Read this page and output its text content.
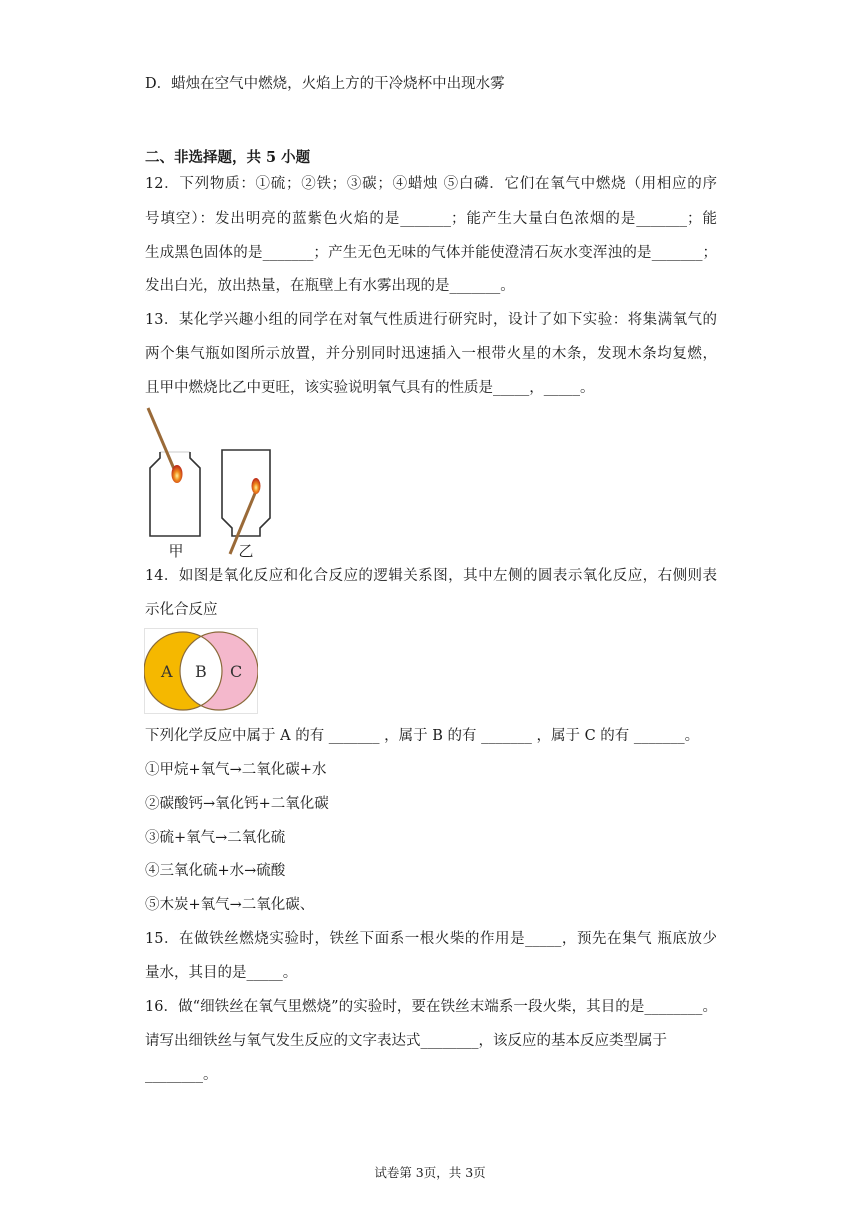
D．蜡烛在空气中燃烧，火焰上方的干冷烧杯中出现水雾
二、非选择题，共 5 小题
12．下列物质：①硫；②铁；③碳；④蜡烛 ⑤白磷．它们在氧气中燃烧（用相应的序
号填空）：发出明亮的蓝紫色火焰的是_______；能产生大量白色浓烟的是_______；能
生成黑色固体的是_______；产生无色无味的气体并能使澄清石灰水变浑浊的是_______；
发出白光，放出热量，在瓶壁上有水雾出现的是_______。
13．某化学兴趣小组的同学在对氧气性质进行研究时，设计了如下实验：将集满氧气的
两个集气瓶如图所示放置，并分别同时迅速插入一根带火星的木条，发现木条均复燃，
且甲中燃烧比乙中更旺，该实验说明氧气具有的性质是_____，_____。
甲	乙
14．如图是氧化反应和化合反应的逻辑关系图，其中左侧的圆表示氧化反应，右侧则表
示化合反应
A B C
下列化学反应中属于 A 的有 _______ ，属于 B 的有 _______ ，属于 C 的有 _______。
①甲烷+氧气→二氧化碳+水
②碳酸钙→氧化钙+二氧化碳
③硫+氧气→二氧化硫
④三氧化硫+水→硫酸
⑤木炭+氧气→二氧化碳、
15．在做铁丝燃烧实验时，铁丝下面系一根火柴的作用是_____，预先在集气 瓶底放少
量水，其目的是_____。
16．做“细铁丝在氧气里燃烧”的实验时，要在铁丝末端系一段火柴，其目的是________。
请写出细铁丝与氧气发生反应的文字表达式________，该反应的基本反应类型属于
________。
试卷第 3页，共 3页
